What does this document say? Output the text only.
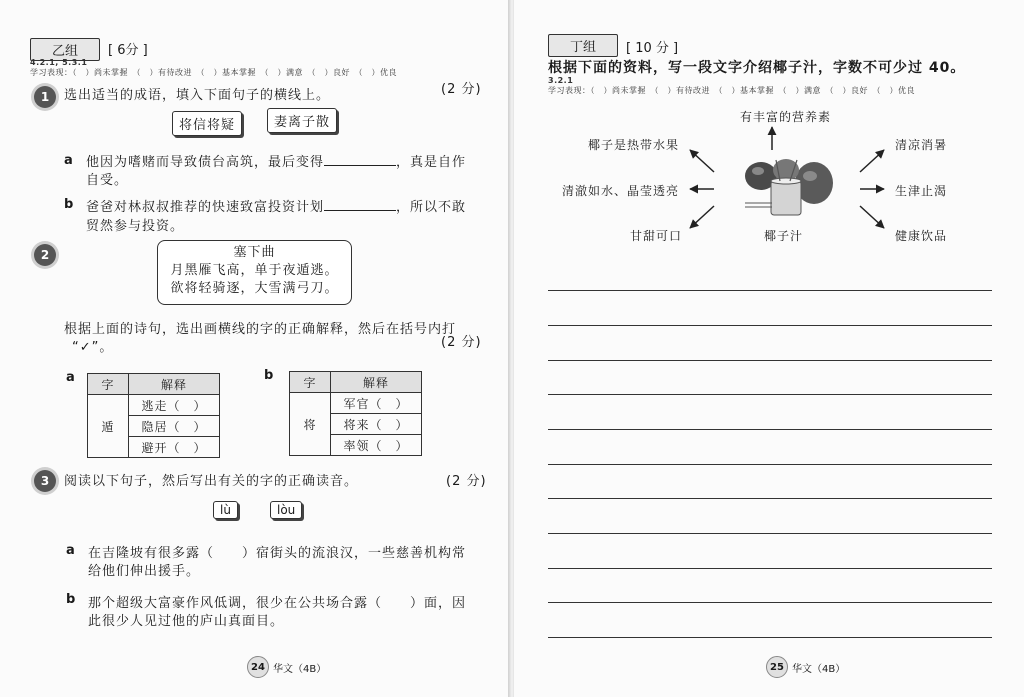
乙组	[ 6分 ]
4.2.1, 5.3.1
学习表现：（　）尚未掌握　（　）有待改进　（　）基本掌握　（　）满意　（　）良好　（　）优良
1	选出适当的成语，填入下面句子的横线上。	(2 分)
将信将疑	妻离子散
a 他因为嗜赌而导致债台高筑，最后变得	，真是自作
自受。
b 爸爸对林叔叔推荐的快速致富投资计划	，所以不敢
贸然参与投资。
2	塞下曲
月黑雁飞高，单于夜遁逃。
欲将轻骑逐，大雪满弓刀。
根据上面的诗句，选出画横线的字的正确解释，然后在括号内打
“✓”。	(2 分)
a 字	解释
遁	逃走（　）
	隐居（　）
	避开（　）
b	字	解释
将	军官（　）
	将来（　）
	率领（　）
3	阅读以下句子，然后写出有关的字的正确读音。	(2 分)
lù	lòu
a 在吉隆坡有很多露（　　）宿街头的流浪汉，一些慈善机构常
给他们伸出援手。
b 那个超级大富豪作风低调，很少在公共场合露（　　）面，因
此很少人见过他的庐山真面目。
24 华文（4B）
丁组	[ 10 分 ]
根据下面的资料，写一段文字介绍椰子汁，字数不可少过 40。
3.2.1
学习表现：（　）尚未掌握　（　）有待改进　（　）基本掌握　（　）满意　（　）良好　（　）优良
有丰富的营养素
椰子是热带水果
清澈如水、晶莹透亮
甘甜可口	椰子汁
清凉消暑
生津止渴
健康饮品
25 华文（4B）
